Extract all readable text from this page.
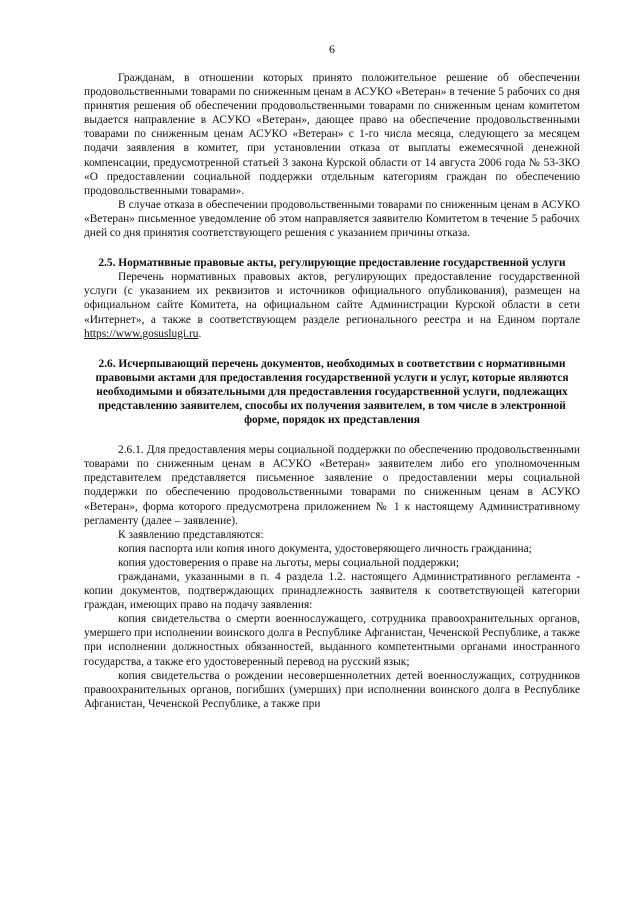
6

Гражданам, в отношении которых принято положительное решение об обеспечении продовольственными товарами по сниженным ценам в АСУКО «Ветеран» в течение 5 рабочих со дня принятия решения об обеспечении продовольственными товарами по сниженным ценам комитетом выдается направление в АСУКО «Ветеран», дающее право на обеспечение продовольственными товарами по сниженным ценам АСУКО «Ветеран» с 1-го числа месяца, следующего за месяцем подачи заявления в комитет, при установлении отказа от выплаты ежемесячной денежной компенсации, предусмотренной статьей 3 закона Курской области от 14 августа 2006 года № 53-ЗКО «О предоставлении социальной поддержки отдельным категориям граждан по обеспечению продовольственными товарами».

В случае отказа в обеспечении продовольственными товарами по сниженным ценам в АСУКО «Ветеран» письменное уведомление об этом направляется заявителю Комитетом в течение 5 рабочих дней со дня принятия соответствующего решения с указанием причины отказа.

2.5. Нормативные правовые акты, регулирующие предоставление государственной услуги

Перечень нормативных правовых актов, регулирующих предоставление государственной услуги (с указанием их реквизитов и источников официального опубликования), размещен на официальном сайте Комитета, на официальном сайте Администрации Курской области в сети «Интернет», а также в соответствующем разделе регионального реестра и на Едином портале https://www.gosuslugi.ru.

2.6. Исчерпывающий перечень документов, необходимых в соответствии с нормативными правовыми актами для предоставления государственной услуги и услуг, которые являются необходимыми и обязательными для предоставления государственной услуги, подлежащих представлению заявителем, способы их получения заявителем, в том числе в электронной форме, порядок их представления

2.6.1. Для предоставления меры социальной поддержки по обеспечению продовольственными товарами по сниженным ценам в АСУКО «Ветеран» заявителем либо его уполномоченным представителем представляется письменное заявление о предоставлении меры социальной поддержки по обеспечению продовольственными товарами по сниженным ценам в АСУКО «Ветеран», форма которого предусмотрена приложением № 1 к настоящему Административному регламенту (далее – заявление).

К заявлению представляются:

копия паспорта или копия иного документа, удостоверяющего личность гражданина;

копия удостоверения о праве на льготы, меры социальной поддержки;

гражданами, указанными в п. 4 раздела 1.2. настоящего Административного регламента - копии документов, подтверждающих принадлежность заявителя к соответствующей категории граждан, имеющих право на подачу заявления:

копия свидетельства о смерти военнослужащего, сотрудника правоохранительных органов, умершего при исполнении воинского долга в Республике Афганистан, Чеченской Республике, а также при исполнении должностных обязанностей, выданного компетентными органами иностранного государства, а также его удостоверенный перевод на русский язык;

копия свидетельства о рождении несовершеннолетних детей военнослужащих, сотрудников правоохранительных органов, погибших (умерших) при исполнении воинского долга в Республике Афганистан, Чеченской Республике, а также при
